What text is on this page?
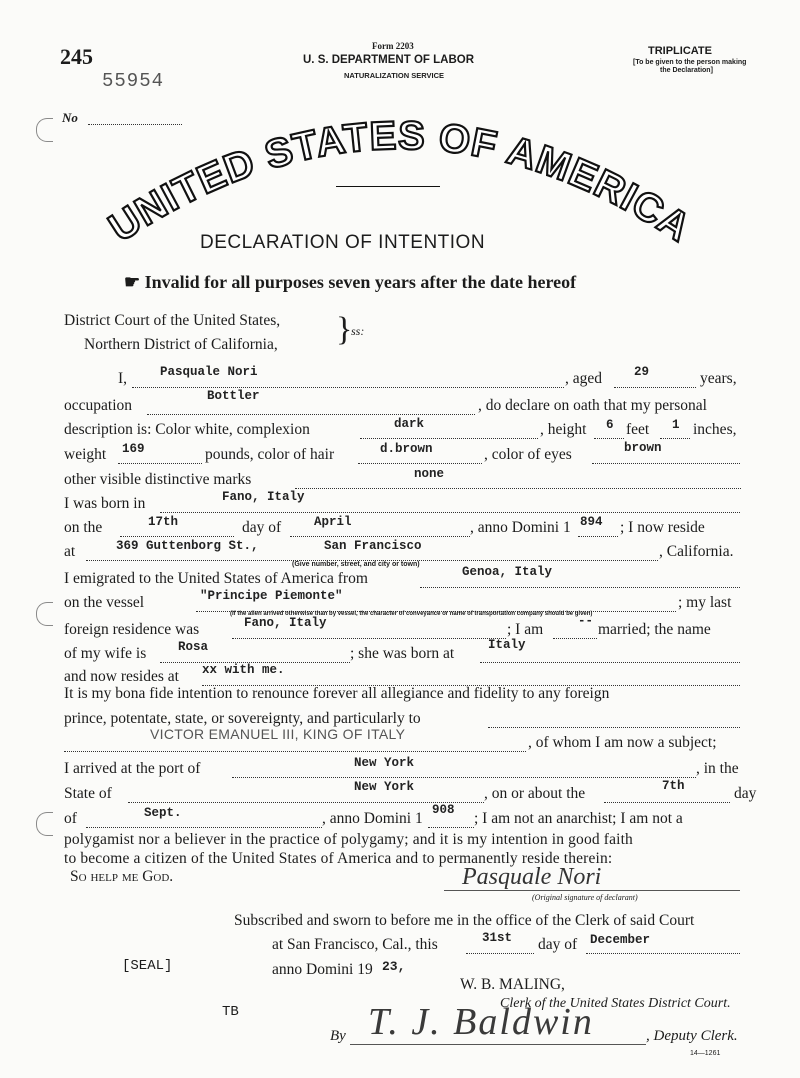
245
55954
Form 2203
U. S. DEPARTMENT OF LABOR
NATURALIZATION SERVICE
TRIPLICATE
[To be given to the person making
the Declaration]
No
UNITED STATES OF AMERICA
DECLARATION OF INTENTION
☛ Invalid for all purposes seven years after the date hereof
District Court of the United States,
Northern District of California, }
ss:
I,	Pasquale Nori	, aged	29	years,
occupation
Bottler
, do declare on oath that my personal
description is: Color white, complexion	dark	, height 6 feet 1 inches,
weight 169	pounds, color of hair	d.brown	, color of eyes	brown
other visible distinctive marks	none
I was born in	Fano, Italy
on the	17th	day of	April	, anno Domini 1 894 ; I now reside
at	369 Guttenborg St.,	San Francisco	, California.
(Give number, street, and city or town)
I emigrated to the United States of America from	Genoa, Italy
on the vessel	"Principe Piemonte"	; my last
(If the alien arrived otherwise than by vessel, the character of conveyance or name of transportation company should be given)
foreign residence was	Fano, Italy	; I am	-- married; the name
of my wife is	Rosa	; she was born at	Italy
and now resides at xx with me.
It is my bona fide intention to renounce forever all allegiance and fidelity to any foreign
prince, potentate, state, or sovereignty, and particularly to
VICTOR EMANUEL III, KING OF ITALY	, of whom I am now a subject;
I arrived at the port of	New York	, in the
State of	New York	, on or about the	7th	day
of	Sept.	, anno Domini 1 908 ; I am not an anarchist; I am not a
polygamist nor a believer in the practice of polygamy; and it is my intention in good faith
to become a citizen of the United States of America and to permanently reside therein:
So help me God.	Pasquale Nori
(Original signature of declarant)
Subscribed and sworn to before me in the office of the Clerk of said Court
at San Francisco, Cal., this	31st day of December
[SEAL]	anno Domini 19 23,
W. B. MALING,
Clerk of the United States District Court.
TB
By T. J. Baldwin	, Deputy Clerk.
14—1261
